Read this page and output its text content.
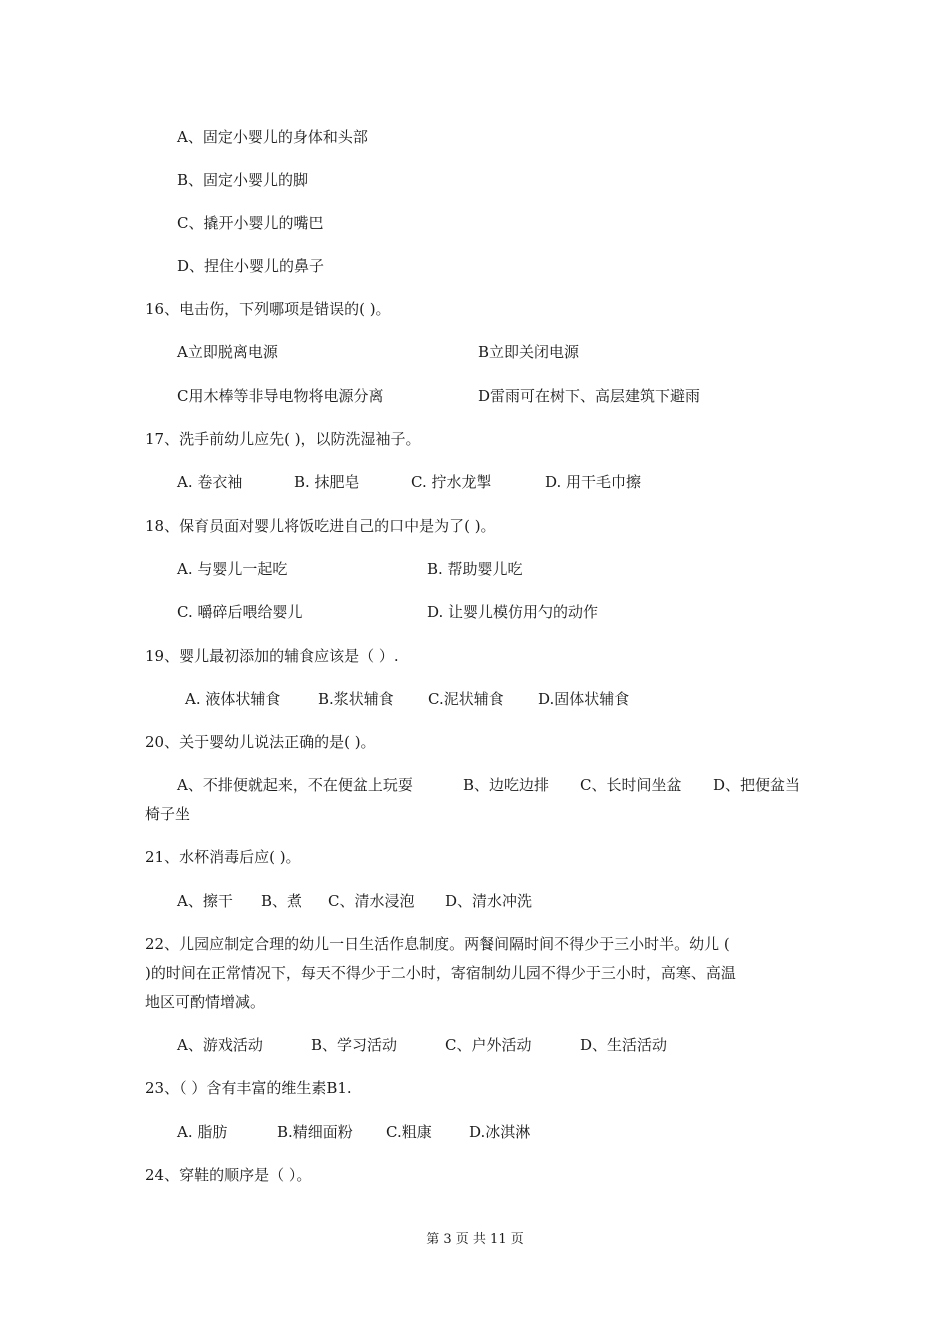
A、固定小婴儿的身体和头部
B、固定小婴儿的脚
C、撬开小婴儿的嘴巴
D、捏住小婴儿的鼻子
16、电击伤，下列哪项是错误的( )。
A立即脱离电源	B立即关闭电源
C用木棒等非导电物将电源分离	D雷雨可在树下、高层建筑下避雨
17、洗手前幼儿应先( )，以防洗湿袖子。
A. 卷衣袖	B. 抹肥皂	C. 拧水龙掣	D. 用干毛巾擦
18、保育员面对婴儿将饭吃进自己的口中是为了( )。
A. 与婴儿一起吃	B. 帮助婴儿吃
C. 嚼碎后喂给婴儿	D. 让婴儿模仿用勺的动作
19、婴儿最初添加的辅食应该是（ ）.
A. 液体状辅食	B.浆状辅食 C.泥状辅食 D.固体状辅食
20、关于婴幼儿说法正确的是( )。
A、不排便就起来，不在便盆上玩耍	B、边吃边排 C、长时间坐盆 D、把便盆当
椅子坐
21、水杯消毒后应( )。
A、擦干 B、煮 C、清水浸泡 D、清水冲洗
22、儿园应制定合理的幼儿一日生活作息制度。两餐间隔时间不得少于三小时半。幼儿 (
)的时间在正常情况下，每天不得少于二小时，寄宿制幼儿园不得少于三小时，高寒、高温
地区可酌情增减。
A、游戏活动	B、学习活动	C、户外活动	D、生活活动
23、（ ）含有丰富的维生素B1.
A. 脂肪	B.精细面粉 C.粗康 D.冰淇淋
24、穿鞋的顺序是（ ）。
第 3 页 共 11 页
